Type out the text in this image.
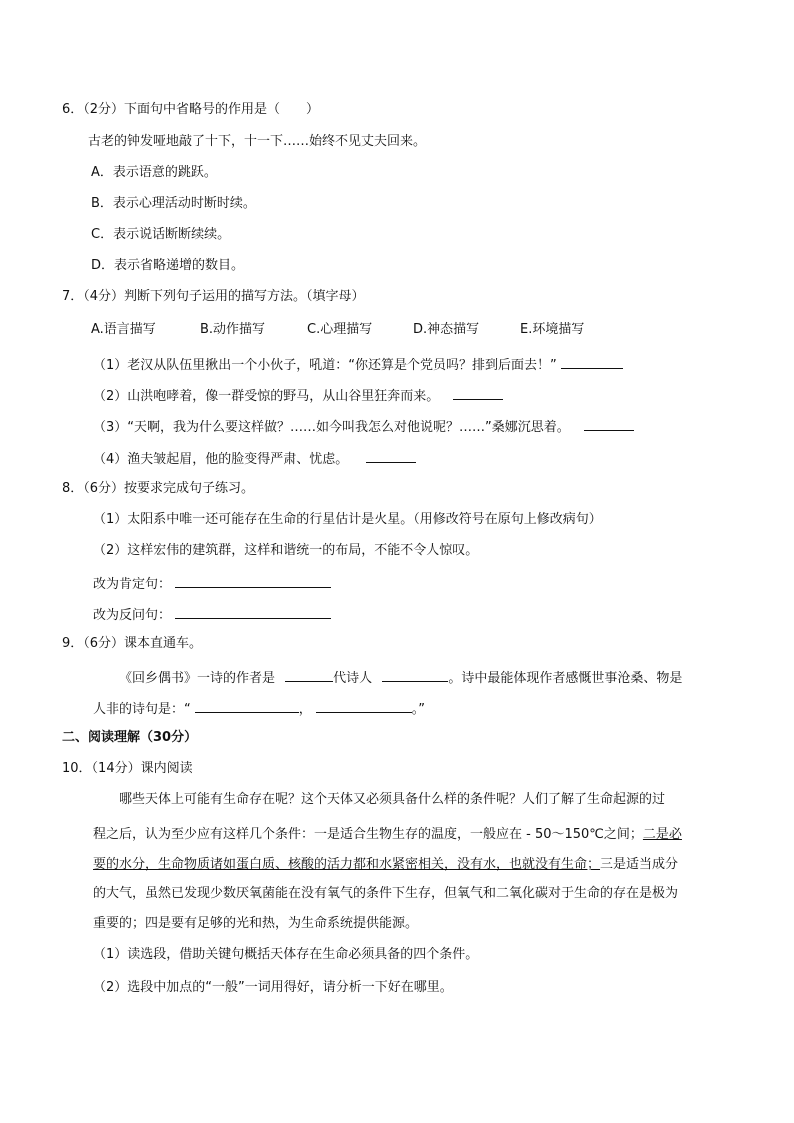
6．（2分）下面句中省略号的作用是（　　）
古老的钟发哑地敲了十下，十一下……始终不见丈夫回来。
A．表示语意的跳跃。
B．表示心理活动时断时续。
C．表示说话断断续续。
D．表示省略递增的数目。
7．（4分）判断下列句子运用的描写方法。（填字母）
A.语言描写	B.动作描写	C.心理描写	D.神态描写	E.环境描写
（1）老汉从队伍里揪出一个小伙子，吼道：“你还算是个党员吗？排到后面去！”
（2）山洪咆哮着，像一群受惊的野马，从山谷里狂奔而来。
（3）“天啊，我为什么要这样做？……如今叫我怎么对他说呢？……”桑娜沉思着。
（4）渔夫皱起眉，他的脸变得严肃、忧虑。
8．（6分）按要求完成句子练习。
（1）太阳系中唯一还可能存在生命的行星估计是火星。（用修改符号在原句上修改病句）
（2）这样宏伟的建筑群，这样和谐统一的布局，不能不令人惊叹。
改为肯定句：
改为反问句：
9．（6分）课本直通车。
《回乡偶书》一诗的作者是	代诗人	。诗中最能体现作者感慨世事沧桑、物是
人非的诗句是：“	，	。”
二、阅读理解（30分）
10．（14分）课内阅读
哪些天体上可能有生命存在呢？这个天体又必须具备什么样的条件呢？人们了解了生命起源的过
程之后，认为至少应有这样几个条件：一是适合生物生存的温度，一般应在 - 50～150℃之间；二是必
要的水分，生命物质诸如蛋白质、核酸的活力都和水紧密相关，没有水，也就没有生命；三是适当成分
的大气，虽然已发现少数厌氧菌能在没有氧气的条件下生存，但氧气和二氧化碳对于生命的存在是极为
重要的；四是要有足够的光和热，为生命系统提供能源。
（1）读选段，借助关键句概括天体存在生命必须具备的四个条件。
（2）选段中加点的“一般”一词用得好，请分析一下好在哪里。
